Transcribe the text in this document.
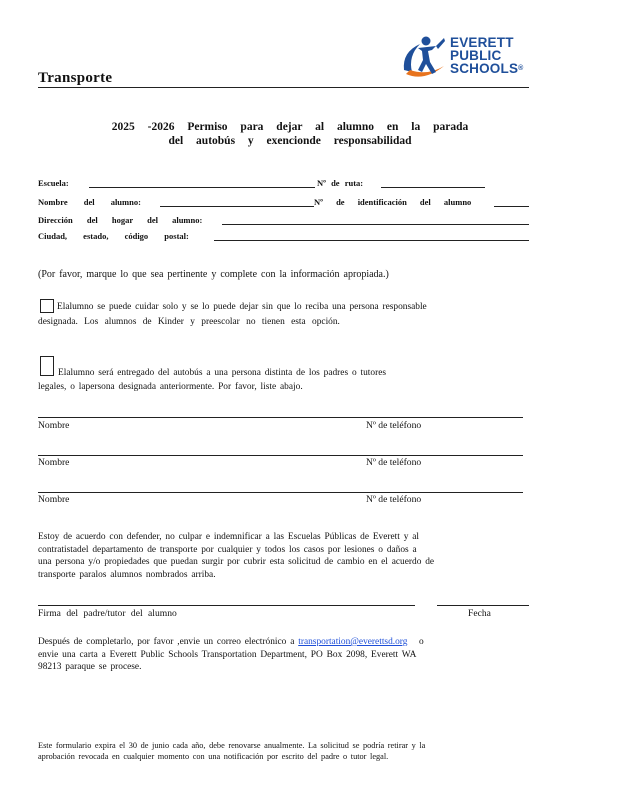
Transporte
EVERETT
PUBLIC
SCHOOLS®
2025 -2026 Permiso para dejar al alumno en la parada
del autobús y exencionde responsabilidad
Escuela:	Nº de ruta:
Nombre del alumno:	Nº de identificación del alumno
Dirección del hogar del alumno:
Ciudad, estado, código postal:
(Por favor, marque lo que sea pertinente y complete con la información apropiada.)
Elalumno se puede cuidar solo y se lo puede dejar sin que lo reciba una persona responsable
designada. Los alumnos de Kinder y preescolar no tienen esta opción.
Elalumno será entregado del autobús a una persona distinta de los padres o tutores
legales, o lapersona designada anteriormente. Por favor, liste abajo.
Nombre	Nº de teléfono
Nombre	Nº de teléfono
Nombre	Nº de teléfono
Estoy de acuerdo con defender, no culpar e indemnificar a las Escuelas Públicas de Everett y al
contratistadel departamento de transporte por cualquier y todos los casos por lesiones o daños a
una persona y/o propiedades que puedan surgir por cubrir esta solicitud de cambio en el acuerdo de
transporte paralos alumnos nombrados arriba.
Firma del padre/tutor del alumno	Fecha
Después de completarlo, por favor ,envie un correo electrónico a transportation@everettsd.org o
envie una carta a Everett Public Schools Transportation Department, PO Box 2098, Everett WA
98213 paraque se procese.
Este formulario expira el 30 de junio cada año, debe renovarse anualmente. La solicitud se podría retirar y la
aprobación revocada en cualquier momento con una notificación por escrito del padre o tutor legal.
